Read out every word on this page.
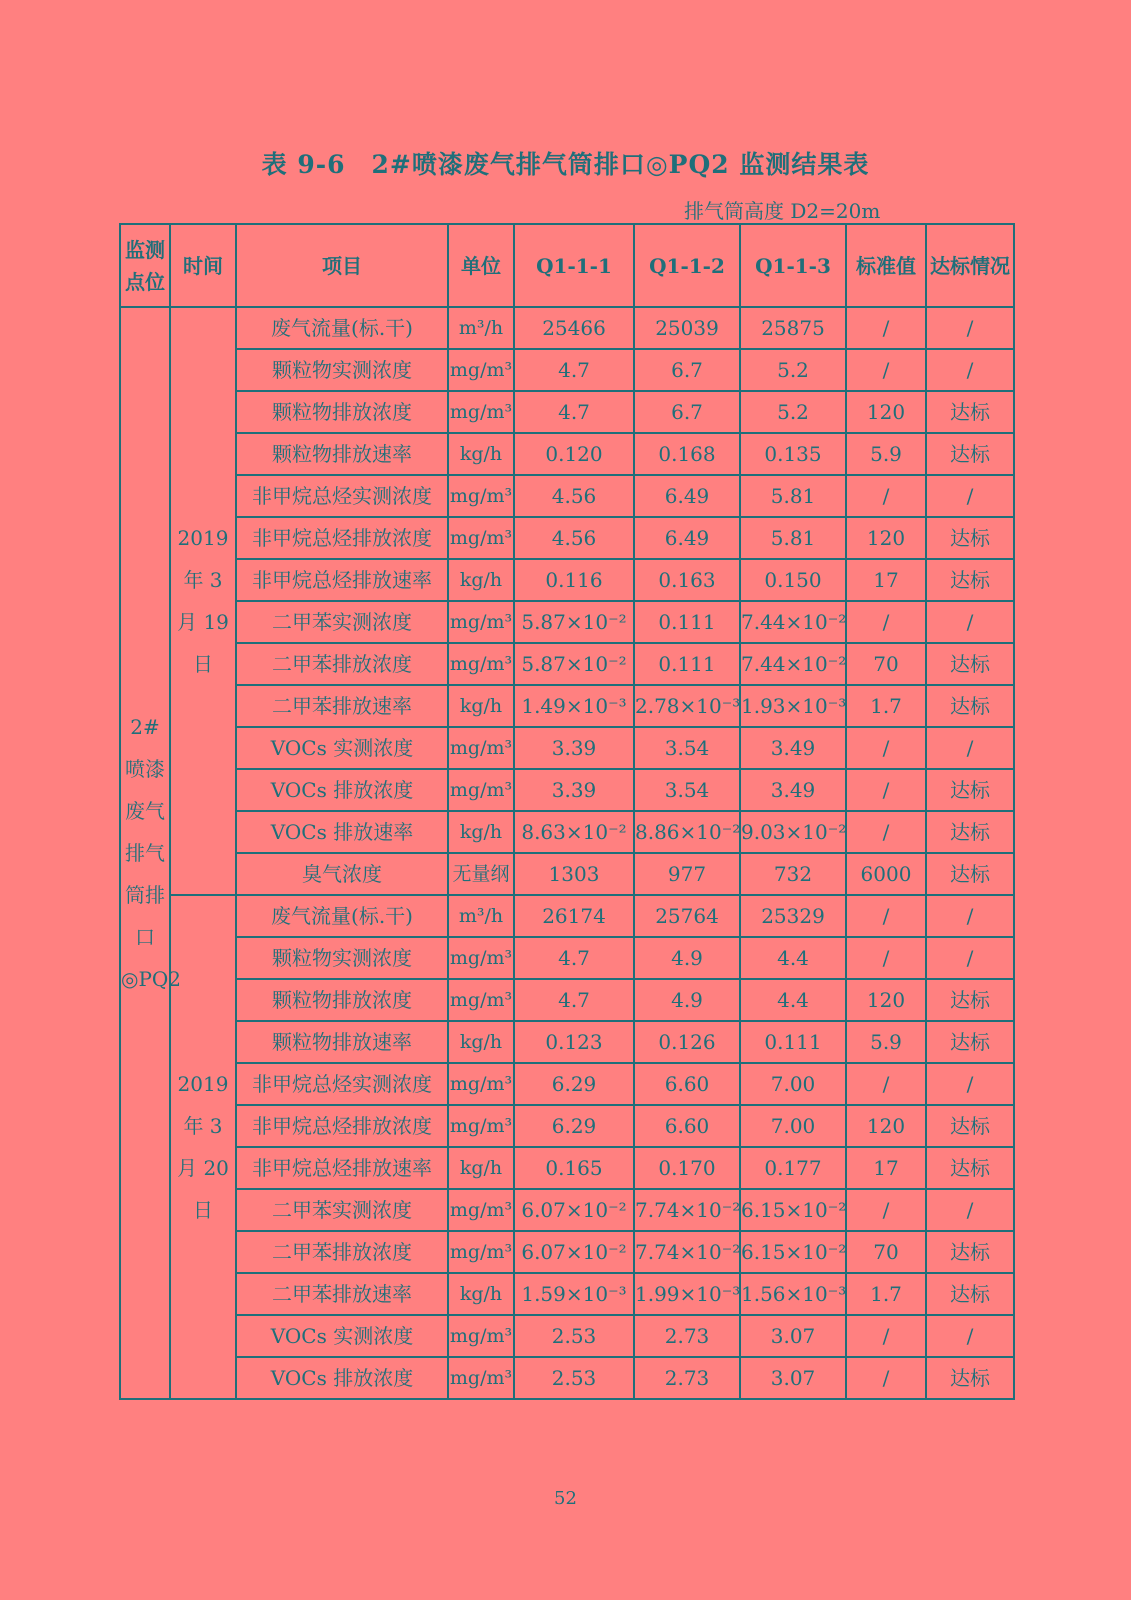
表 9-6　2#喷漆废气排气筒排口◎PQ2 监测结果表
排气筒高度 D2=20m
监测点位	时间	项目	单位	Q1-1-1	Q1-1-2	Q1-1-3	标准值	达标情况
2#喷漆废气排气筒排口◎PQ2	2019 年 3 月 19 日	废气流量(标.干)	m³/h	25466	25039	25875	/	/
		颗粒物实测浓度	mg/m³	4.7	6.7	5.2	/	/
		颗粒物排放浓度	mg/m³	4.7	6.7	5.2	120	达标
		颗粒物排放速率	kg/h	0.120	0.168	0.135	5.9	达标
		非甲烷总烃实测浓度	mg/m³	4.56	6.49	5.81	/	/
		非甲烷总烃排放浓度	mg/m³	4.56	6.49	5.81	120	达标
		非甲烷总烃排放速率	kg/h	0.116	0.163	0.150	17	达标
		二甲苯实测浓度	mg/m³	5.87×10⁻²	0.111	7.44×10⁻²	/	/
		二甲苯排放浓度	mg/m³	5.87×10⁻²	0.111	7.44×10⁻²	70	达标
		二甲苯排放速率	kg/h	1.49×10⁻³	2.78×10⁻³	1.93×10⁻³	1.7	达标
		VOCs 实测浓度	mg/m³	3.39	3.54	3.49	/	/
		VOCs 排放浓度	mg/m³	3.39	3.54	3.49	/	达标
		VOCs 排放速率	kg/h	8.63×10⁻²	8.86×10⁻²	9.03×10⁻²	/	达标
		臭气浓度	无量纲	1303	977	732	6000	达标
	2019 年 3 月 20 日	废气流量(标.干)	m³/h	26174	25764	25329	/	/
		颗粒物实测浓度	mg/m³	4.7	4.9	4.4	/	/
		颗粒物排放浓度	mg/m³	4.7	4.9	4.4	120	达标
		颗粒物排放速率	kg/h	0.123	0.126	0.111	5.9	达标
		非甲烷总烃实测浓度	mg/m³	6.29	6.60	7.00	/	/
		非甲烷总烃排放浓度	mg/m³	6.29	6.60	7.00	120	达标
		非甲烷总烃排放速率	kg/h	0.165	0.170	0.177	17	达标
		二甲苯实测浓度	mg/m³	6.07×10⁻²	7.74×10⁻²	6.15×10⁻²	/	/
		二甲苯排放浓度	mg/m³	6.07×10⁻²	7.74×10⁻²	6.15×10⁻²	70	达标
		二甲苯排放速率	kg/h	1.59×10⁻³	1.99×10⁻³	1.56×10⁻³	1.7	达标
		VOCs 实测浓度	mg/m³	2.53	2.73	3.07	/	/
		VOCs 排放浓度	mg/m³	2.53	2.73	3.07	/	达标
52
